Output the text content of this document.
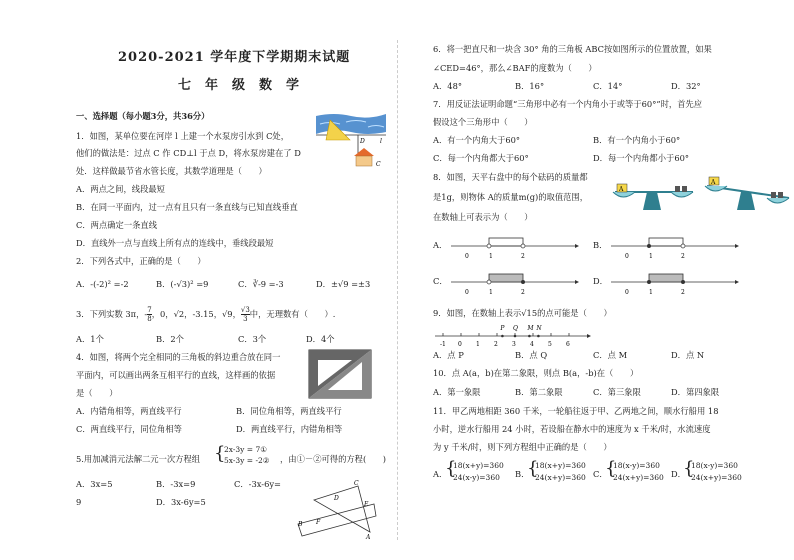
2020-2021 学年度下学期期末试题
七年级数学
一、选择题（每小题3分，共36分）
1．如图，某单位要在河岸 l 上建一个水泵房引水到 C处，
他们的做法是：过点 C 作 CD⊥l 于点 D，将水泵房建在了 D
处．这样做最节省水管长度，其数学道理是（　　）
A．两点之间，线段最短
B．在同一平面内，过一点有且只有一条直线与已知直线垂直
C．两点确定一条直线
D．直线外一点与直线上所有点的连线中，垂线段最短
l
C
D
2．下列各式中，正确的是（　　）
A．-(-2)² =-2	B．(-√3)² =9	C．∛-9 =-3	D．±√9 =±3
3．下列实数 3π，- $\frac{7}{8}$ ，0，√2，-3.15，√9， $\frac{√3}{3}$ 中，无理数有（　　）.
A．1个	B．2个	C．3个	D．4个
4．如图，将两个完全相同的三角板的斜边重合放在同一
平面内，可以画出两条互相平行的直线，这样画的依据
是（　　）
A．内错角相等，两直线平行	B．同位角相等，两直线平行
C．两直线平行，同位角相等	D．两直线平行，内错角相等
5.用加减消元法解二元一次方程组 {
2x-3y = 7①
5x-3y = -2② ，由①－②可得的方程(　　)
A．3x=5	B．-3x=9	C．-3x-6y=
9	D．3x-6y=5
C
D
E
F
B
A
6．将一把直尺和一块含 30° 角的三角板 ABC按如图所示的位置放置，如果
∠CED=46°，那么∠BAF的度数为（　　）
A．48°	B．16°	C．14°	D．32°
7．用反证法证明命题“三角形中必有一个内角小于或等于60°”时，首先应
假设这个三角形中（　　）
A．有一个内角大于60°	B．有一个内角小于60°
C．每一个内角都大于60°	D．每一个内角都小于60°
8．如图，天平右盘中的每个砝码的质量都
是1g，则物体 A的质量m(g)的取值范围，
在数轴上可表示为（　　）
A
A
A．
0	1	2
B．
0	1	2
C．
0	1	2
D．
0	1	2
9．如图，在数轴上表示√15的点可能是（　　）
-1 0 1 2 3 4 5 6
P Q M N
A．点 P	B．点 Q	C．点 M	D．点 N
10．点 A(a，b)在第二象限，则点 B(a，-b)在（　　）
A．第一象限	B．第二象限	C．第三象限	D．第四象限
11．甲乙两地相距 360 千米，一轮船往返于甲、乙两地之间，顺水行船用 18
小时，逆水行船用 24 小时，若设船在静水中的速度为 x 千米/时，水流速度
为 y 千米/时，则下列方程组中正确的是（　　）
A．
{
18(x+y)=360
24(x-y)=360 B．
{
18(x+y)=360
24(x+y)=360 C．
{
18(x-y)=360
24(x+y)=360 D．
{
18(x-y)=360
24(x+y)=360
